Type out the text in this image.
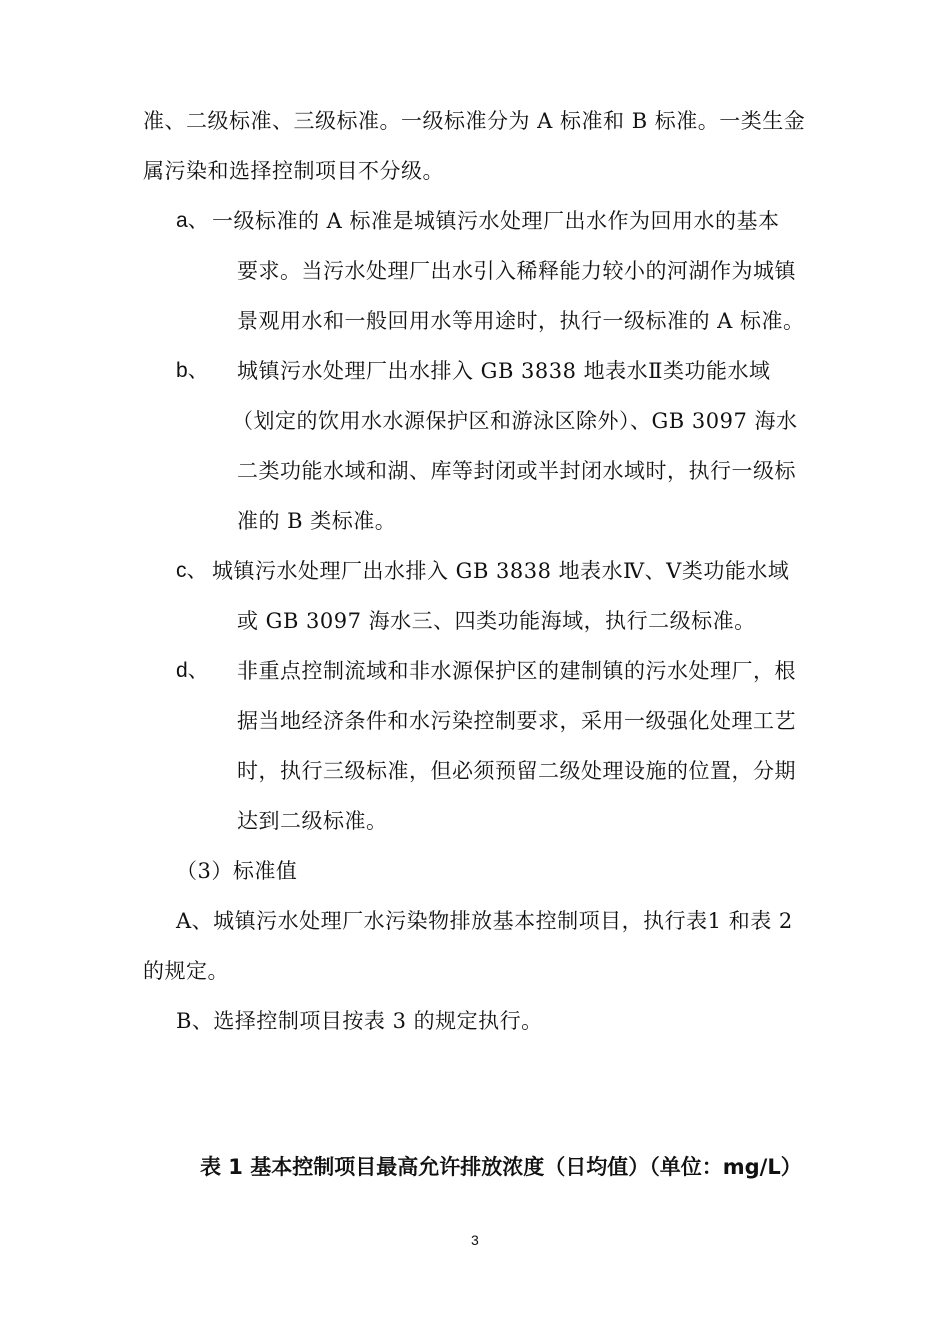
准、二级标准、三级标准。一级标准分为 A 标准和 B 标准。一类生金
属污染和选择控制项目不分级。
a、 一级标准的 A 标准是城镇污水处理厂出水作为回用水的基本
要求。当污水处理厂出水引入稀释能力较小的河湖作为城镇
景观用水和一般回用水等用途时，执行一级标准的 A 标准。
b、 城镇污水处理厂出水排入 GB 3838 地表水Ⅱ类功能水域
（划定的饮用水水源保护区和游泳区除外）、GB 3097 海水
二类功能水域和湖、库等封闭或半封闭水域时，执行一级标
准的 B 类标准。
c、 城镇污水处理厂出水排入 GB 3838 地表水Ⅳ、Ⅴ类功能水域
或 GB 3097 海水三、四类功能海域，执行二级标准。
d、 非重点控制流域和非水源保护区的建制镇的污水处理厂，根
据当地经济条件和水污染控制要求，采用一级强化处理工艺
时，执行三级标准，但必须预留二级处理设施的位置，分期
达到二级标准。
（3）标准值
A、城镇污水处理厂水污染物排放基本控制项目，执行表1 和表 2
的规定。
B、选择控制项目按表 3 的规定执行。
表 1 基本控制项目最高允许排放浓度（日均值）（单位：mg/L）
3
